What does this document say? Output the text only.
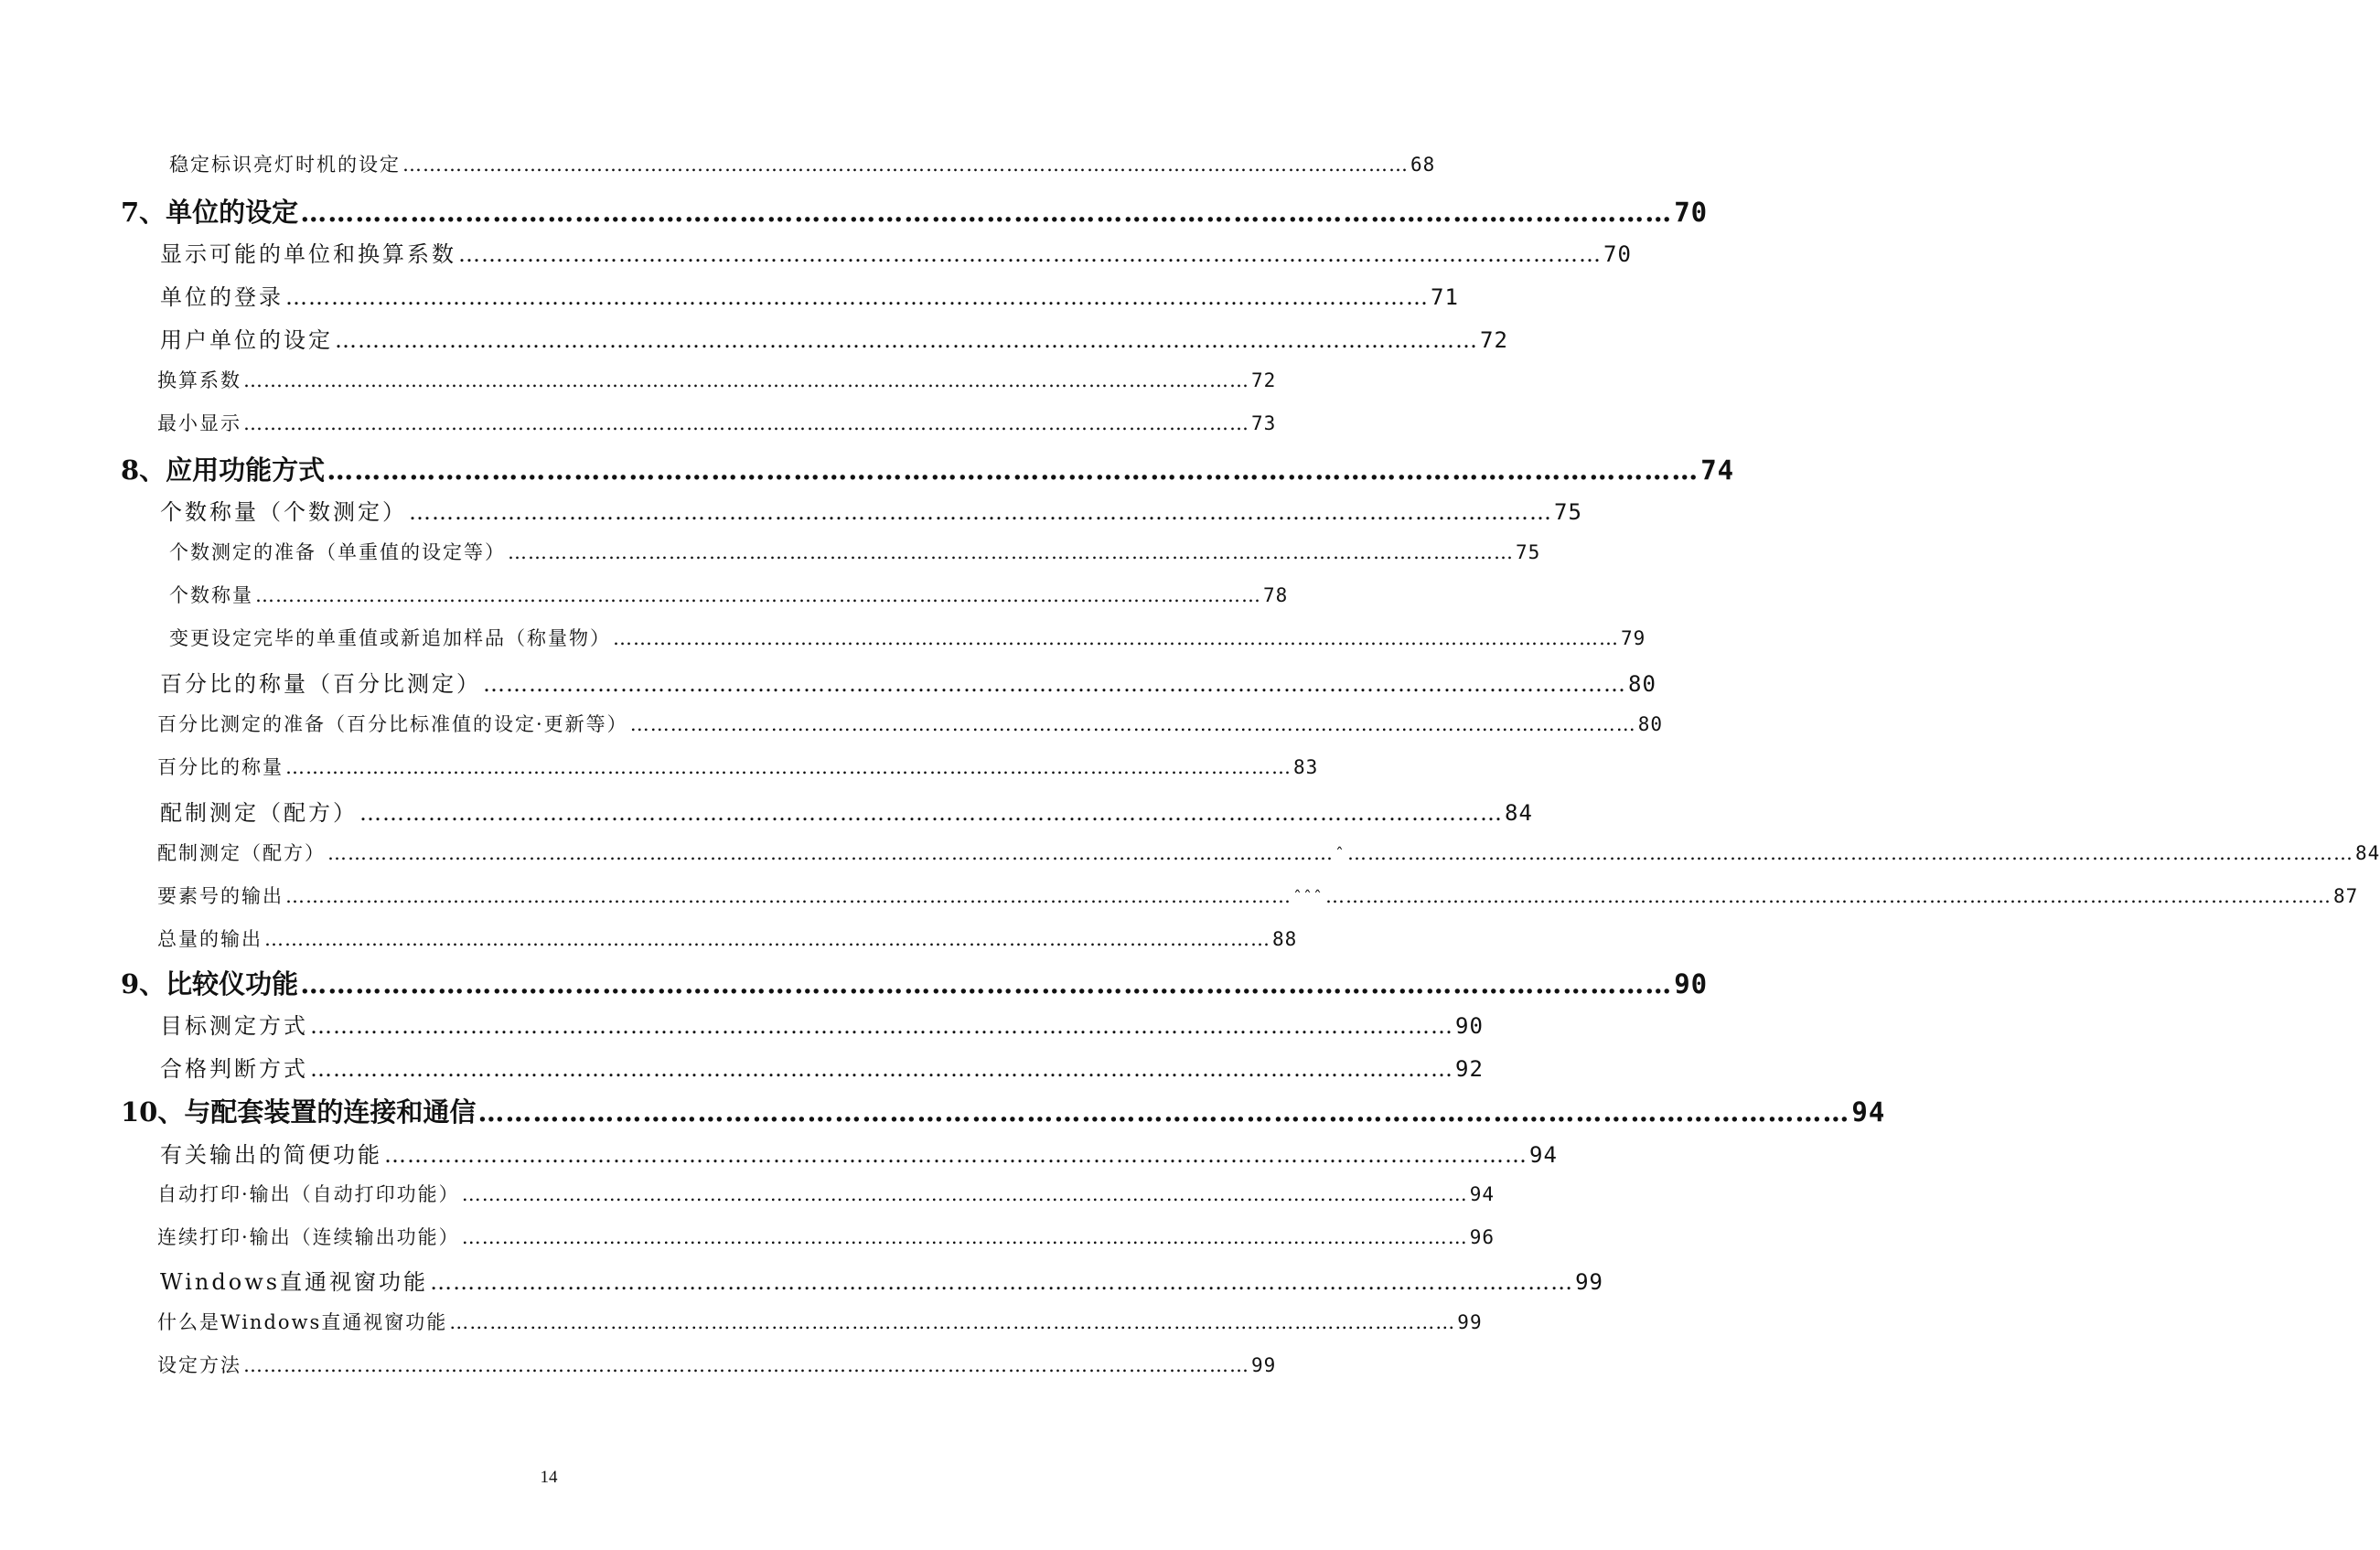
稳定标识亮灯时机的设定 …………………………………………………………………………………………………………………………………… 68
7、单位的设定 …………………………………………………………………………………………………………………………………… 70
显示可能的单位和换算系数 …………………………………………………………………………………………………………………………………… 70
单位的登录 …………………………………………………………………………………………………………………………………… 71
用户单位的设定 …………………………………………………………………………………………………………………………………… 72
换算系数 …………………………………………………………………………………………………………………………………… 72
最小显示 …………………………………………………………………………………………………………………………………… 73
8、应用功能方式 …………………………………………………………………………………………………………………………………… 74
个数称量（个数测定） …………………………………………………………………………………………………………………………………… 75
个数测定的准备（单重值的设定等） …………………………………………………………………………………………………………………………………… 75
个数称量 …………………………………………………………………………………………………………………………………… 78
变更设定完毕的单重值或新追加样品（称量物） …………………………………………………………………………………………………………………………………… 79
百分比的称量（百分比测定） …………………………………………………………………………………………………………………………………… 80
百分比测定的准备（百分比标准值的设定·更新等） …………………………………………………………………………………………………………………………………… 80
百分比的称量 …………………………………………………………………………………………………………………………………… 83
配制测定（配方） …………………………………………………………………………………………………………………………………… 84
配制测定（配方） …………………………………………………………………………………………………………………………………… ˆ …………………………………………………………………………………………………………………………………… 84
要素号的输出 …………………………………………………………………………………………………………………………………… ˆˆˆ …………………………………………………………………………………………………………………………………… 87
总量的输出 …………………………………………………………………………………………………………………………………… 88
9、比较仪功能 …………………………………………………………………………………………………………………………………… 90
目标测定方式 …………………………………………………………………………………………………………………………………… 90
合格判断方式 …………………………………………………………………………………………………………………………………… 92
10、与配套装置的连接和通信 …………………………………………………………………………………………………………………………………… 94
有关输出的简便功能 …………………………………………………………………………………………………………………………………… 94
自动打印·输出（自动打印功能） …………………………………………………………………………………………………………………………………… 94
连续打印·输出（连续输出功能） …………………………………………………………………………………………………………………………………… 96
Windows直通视窗功能 …………………………………………………………………………………………………………………………………… 99
什么是Windows直通视窗功能 …………………………………………………………………………………………………………………………………… 99
设定方法 …………………………………………………………………………………………………………………………………… 99
14
